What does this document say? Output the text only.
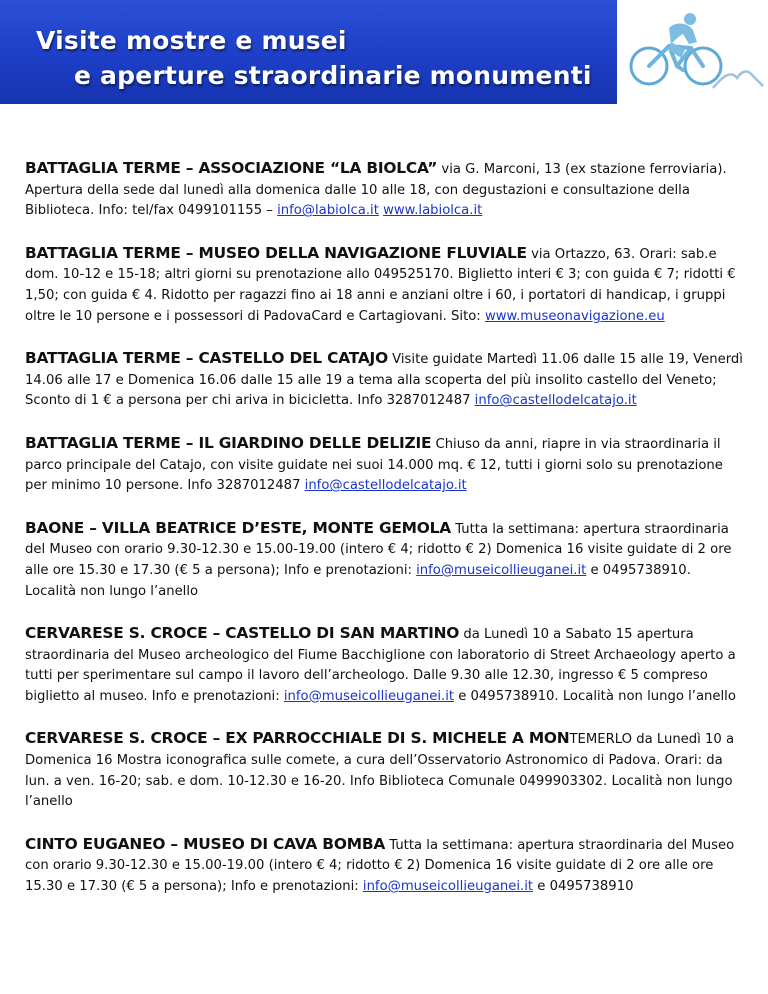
Visite mostre e musei
e aperture straordinarie monumenti
BATTAGLIA TERME – ASSOCIAZIONE “LA BIOLCA” via G. Marconi, 13 (ex stazione ferroviaria). Apertura della sede dal lunedì alla domenica dalle 10 alle 18, con degustazioni e consultazione della Biblioteca. Info: tel/fax 0499101155 – info@labiolca.it www.labiolca.it
BATTAGLIA TERME – MUSEO DELLA NAVIGAZIONE FLUVIALE via Ortazzo, 63. Orari: sab.e dom. 10-12 e 15-18; altri giorni su prenotazione allo 049525170. Biglietto interi € 3; con guida € 7; ridotti € 1,50; con guida € 4. Ridotto per ragazzi fino ai 18 anni e anziani oltre i 60, i portatori di handicap, i gruppi oltre le 10 persone e i possessori di PadovaCard e Cartagiovani. Sito: www.museonavigazione.eu
BATTAGLIA TERME – CASTELLO DEL CATAJO Visite guidate Martedì 11.06 dalle 15 alle 19, Venerdì 14.06 alle 17 e Domenica 16.06 dalle 15 alle 19 a tema alla scoperta del più insolito castello del Veneto; Sconto di 1 € a persona per chi ariva in bicicletta. Info 3287012487 info@castellodelcatajo.it
BATTAGLIA TERME – IL GIARDINO DELLE DELIZIE Chiuso da anni, riapre in via straordinaria il parco principale del Catajo, con visite guidate nei suoi 14.000 mq. € 12, tutti i giorni solo su prenotazione per minimo 10 persone. Info 3287012487 info@castellodelcatajo.it
BAONE – VILLA BEATRICE D’ESTE, MONTE GEMOLA Tutta la settimana: apertura straordinaria del Museo con orario 9.30-12.30 e 15.00-19.00 (intero € 4; ridotto € 2) Domenica 16 visite guidate di 2 ore alle ore 15.30 e 17.30 (€ 5 a persona); Info e prenotazioni: info@museicollieuganei.it e 0495738910. Località non lungo l’anello
CERVARESE S. CROCE – CASTELLO DI SAN MARTINO da Lunedì 10 a Sabato 15 apertura straordinaria del Museo archeologico del Fiume Bacchiglione con laboratorio di Street Archaeology aperto a tutti per sperimentare sul campo il lavoro dell’archeologo. Dalle 9.30 alle 12.30, ingresso € 5 compreso biglietto al museo. Info e prenotazioni: info@museicollieuganei.it e 0495738910. Località non lungo l’anello
CERVARESE S. CROCE – EX PARROCCHIALE DI S. MICHELE A MONTEMERLO da Lunedì 10 a Domenica 16 Mostra iconografica sulle comete, a cura dell’Osservatorio Astronomico di Padova. Orari: da lun. a ven. 16-20; sab. e dom. 10-12.30 e 16-20. Info Biblioteca Comunale 0499903302. Località non lungo l’anello
CINTO EUGANEO – MUSEO DI CAVA BOMBA Tutta la settimana: apertura straordinaria del Museo con orario 9.30-12.30 e 15.00-19.00 (intero € 4; ridotto € 2) Domenica 16 visite guidate di 2 ore alle ore 15.30 e 17.30 (€ 5 a persona); Info e prenotazioni: info@museicollieuganei.it e 0495738910
